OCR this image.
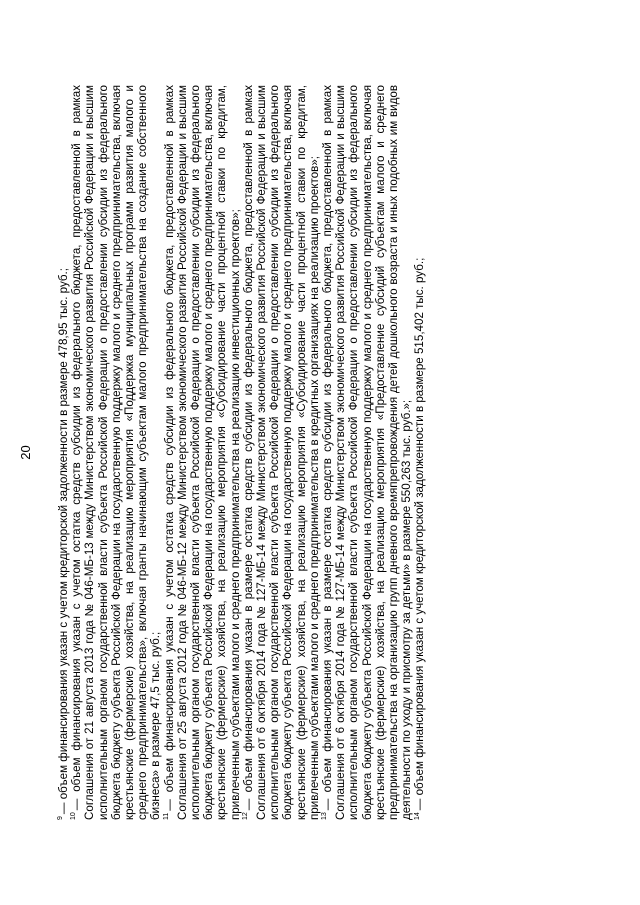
20

$^9$— объем финансирования указан с учетом кредиторской задолженности в размере 478,95 тыс. руб.;

$^{10}$— объем финансирования указан с учетом остатка средств субсидии из федерального бюджета, предоставленной в рамках Соглашения от 21 августа 2013 года № 046-МБ-13 между Министерством экономического развития Российской Федерации и высшим исполнительным органом государственной власти субъекта Российской Федерации о предоставлении субсидии из федерального бюджета бюджету субъекта Российской Федерации на государственную поддержку малого и среднего предпринимательства, включая крестьянские (фермерские) хозяйства, на реализацию мероприятия «Поддержка муниципальных программ развития малого и среднего предпринимательства», включая гранты начинающим субъектам малого предпринимательства на создание собственного бизнеса» в размере 47,5 тыс. руб.; $^{11}$— объем финансирования указан с учетом остатка средств субсидии из федерального бюджета, предоставленной в рамках Соглашения от 25 августа 2012 года № 046-МБ-12 между Министерством экономического развития Российской Федерации и высшим исполнительным органом государственной власти субъекта Российской Федерации о предоставлении субсидии из федерального бюджета бюджету субъекта Российской Федерации на государственную поддержку малого и среднего предпринимательства, включая крестьянские (фермерские) хозяйства, на реализацию мероприятия «Субсидирование части процентной ставки по кредитам, привлеченным субъектами малого и среднего предпринимательства на реализацию инвестиционных проектов»; $^{12}$— объем финансирования указан в размере остатка средств субсидии из федерального бюджета, предоставленной в рамках Соглашения от 6 октября 2014 года № 127-МБ-14 между Министерством экономического развития Российской Федерации и высшим исполнительным органом государственной власти субъекта Российской Федерации о предоставлении субсидии из федерального бюджета бюджету субъекта Российской Федерации на государственную поддержку малого и среднего предпринимательства, включая крестьянские (фермерские) хозяйства, на реализацию мероприятия «Субсидирование части процентной ставки по кредитам, привлеченным субъектами малого и среднего предпринимательства в кредитных организациях на реализацию проектов»; $^{13}$— объем финансирования указан в размере остатка средств субсидии из федерального бюджета, предоставленной в рамках Соглашения от 6 октября 2014 года № 127-МБ-14 между Министерством экономического развития Российской Федерации и высшим исполнительным органом государственной власти субъекта Российской Федерации о предоставлении субсидии из федерального бюджета бюджету субъекта Российской Федерации на государственную поддержку малого и среднего предпринимательства, включая крестьянские (фермерские) хозяйства, на реализацию мероприятия «Предоставление субсидий субъектам малого и среднего предпринимательства на организацию групп дневного времяпрепровождения детей дошкольного возраста и иных подобных им видов деятельности по уходу и присмотру за детьми» в размере 550,263 тыс. руб.»; $^{14}$— объем финансирования указан с учетом кредиторской задолженности в размере 515,402 тыс. руб.;
